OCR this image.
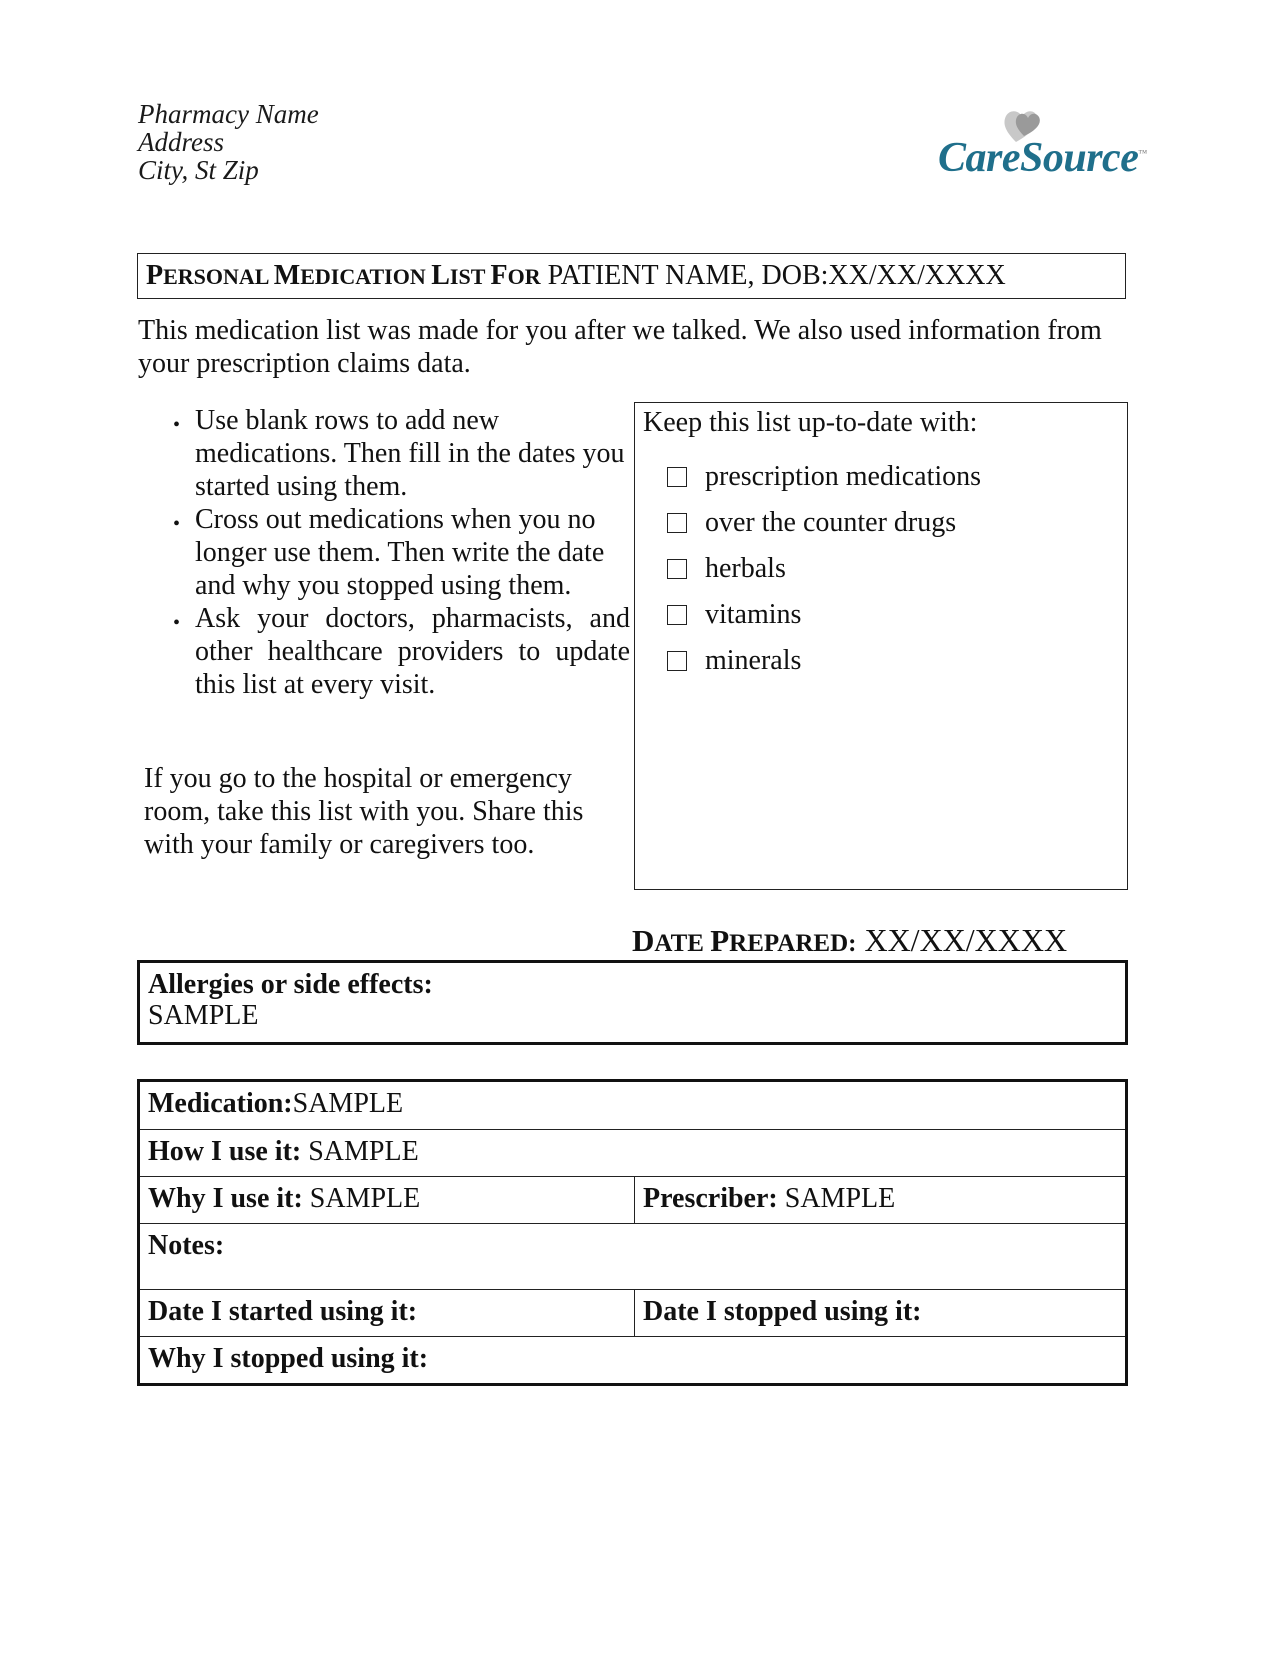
Pharmacy Name
Address
City, St Zip	CareSource™
PERSONAL MEDICATION LIST FOR PATIENT NAME, DOB:XX/XX/XXXX
This medication list was made for you after we talked. We also used information from your prescription claims data.
• Use blank rows to add new medications. Then fill in the dates you started using them.
• Cross out medications when you no longer use them. Then write the date and why you stopped using them.
• Ask your doctors, pharmacists, and other healthcare providers to update this list at every visit.
If you go to the hospital or emergency room, take this list with you. Share this with your family or caregivers too.
Keep this list up-to-date with:
prescription medications
over the counter drugs
herbals
vitamins
minerals
DATE PREPARED: XX/XX/XXXX
Allergies or side effects:
SAMPLE
Medication:SAMPLE
How I use it: SAMPLE
Why I use it: SAMPLE	Prescriber: SAMPLE
Notes:
Date I started using it:	Date I stopped using it:
Why I stopped using it:
